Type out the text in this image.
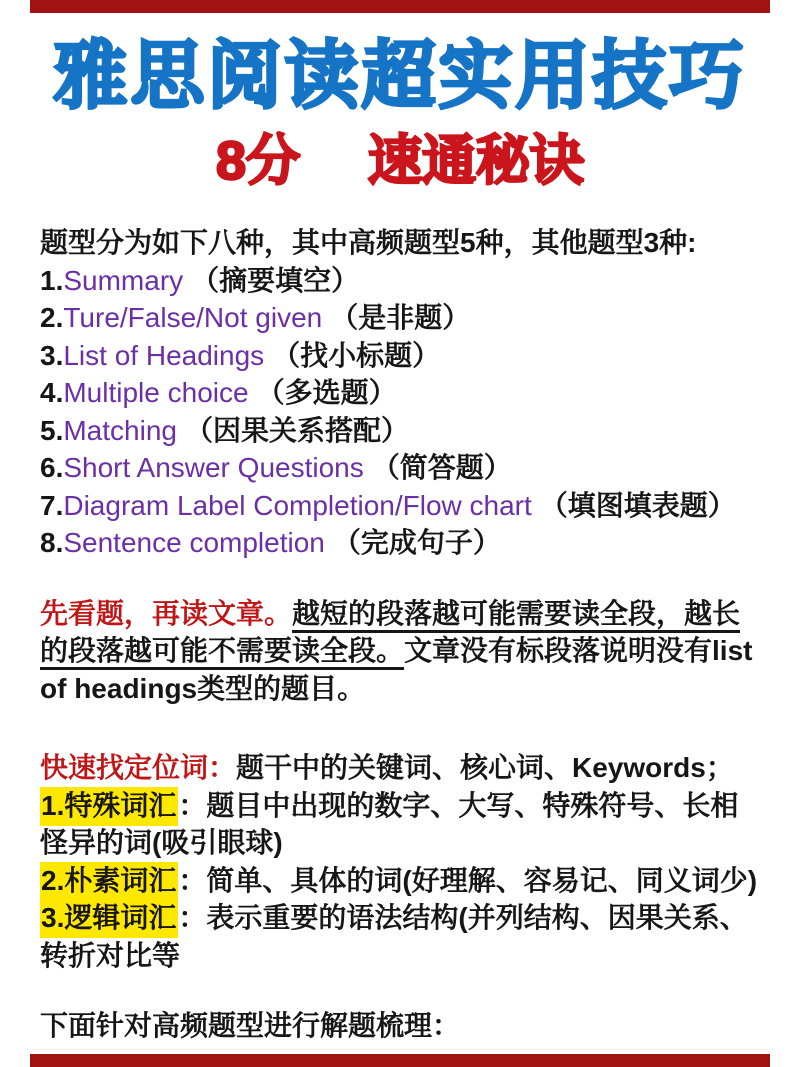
雅思阅读超实用技巧
8分 速通秘诀
题型分为如下八种，其中高频题型5种，其他题型3种:
1.Summary （摘要填空）
2.Ture/False/Not given （是非题）
3.List of Headings （找小标题）
4.Multiple choice （多选题）
5.Matching （因果关系搭配）
6.Short Answer Questions （简答题）
7.Diagram Label Completion/Flow chart （填图填表题）
8.Sentence completion （完成句子）
先看题，再读文章。越短的段落越可能需要读全段，越长的段落越可能不需要读全段。文章没有标段落说明没有list of headings类型的题目。
快速找定位词：题干中的关键词、核心词、Keywords；
1.特殊词汇：题目中出现的数字、大写、特殊符号、长相怪异的词(吸引眼球)
2.朴素词汇：简单、具体的词(好理解、容易记、同义词少)
3.逻辑词汇：表示重要的语法结构(并列结构、因果关系、转折对比等
下面针对高频题型进行解题梳理：
